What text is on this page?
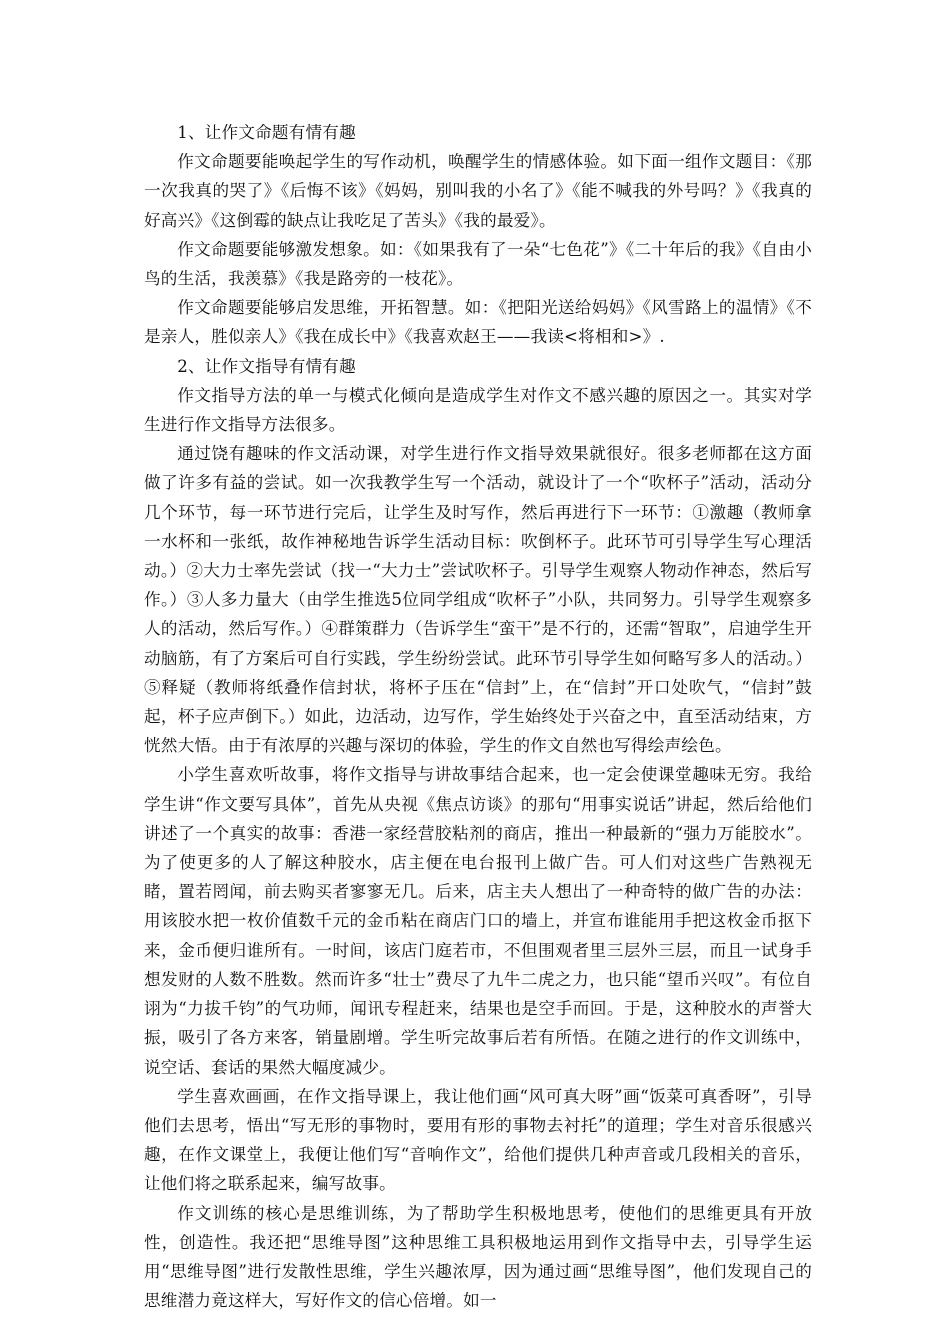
1、让作文命题有情有趣

作文命题要能唤起学生的写作动机，唤醒学生的情感体验。如下面一组作文题目：《那一次我真的哭了》《后悔不该》《妈妈，别叫我的小名了》《能不喊我的外号吗？》《我真的好高兴》《这倒霉的缺点让我吃足了苦头》《我的最爱》。

作文命题要能够激发想象。如：《如果我有了一朵“七色花”》《二十年后的我》《自由小鸟的生活，我羡慕》《我是路旁的一枝花》。

作文命题要能够启发思维，开拓智慧。如：《把阳光送给妈妈》《风雪路上的温情》《不是亲人，胜似亲人》《我在成长中》《我喜欢赵王——我读<将相和>》.

2、让作文指导有情有趣

作文指导方法的单一与模式化倾向是造成学生对作文不感兴趣的原因之一。其实对学生进行作文指导方法很多。

通过饶有趣味的作文活动课，对学生进行作文指导效果就很好。很多老师都在这方面做了许多有益的尝试。如一次我教学生写一个活动，就设计了一个“吹杯子”活动，活动分几个环节，每一环节进行完后，让学生及时写作，然后再进行下一环节：①激趣（教师拿一水杯和一张纸，故作神秘地告诉学生活动目标：吹倒杯子。此环节可引导学生写心理活动。）②大力士率先尝试（找一“大力士”尝试吹杯子。引导学生观察人物动作神态，然后写作。）③人多力量大（由学生推选5位同学组成“吹杯子”小队，共同努力。引导学生观察多人的活动，然后写作。）④群策群力（告诉学生“蛮干”是不行的，还需“智取”，启迪学生开动脑筋，有了方案后可自行实践，学生纷纷尝试。此环节引导学生如何略写多人的活动。）⑤释疑（教师将纸叠作信封状，将杯子压在“信封”上，在“信封”开口处吹气，“信封”鼓起，杯子应声倒下。）如此，边活动，边写作，学生始终处于兴奋之中，直至活动结束，方恍然大悟。由于有浓厚的兴趣与深切的体验，学生的作文自然也写得绘声绘色。

小学生喜欢听故事，将作文指导与讲故事结合起来，也一定会使课堂趣味无穷。我给学生讲“作文要写具体”，首先从央视《焦点访谈》的那句“用事实说话”讲起，然后给他们讲述了一个真实的故事：香港一家经营胶粘剂的商店，推出一种最新的“强力万能胶水”。为了使更多的人了解这种胶水，店主便在电台报刊上做广告。可人们对这些广告熟视无睹，置若罔闻，前去购买者寥寥无几。后来，店主夫人想出了一种奇特的做广告的办法：用该胶水把一枚价值数千元的金币粘在商店门口的墙上，并宣布谁能用手把这枚金币抠下来，金币便归谁所有。一时间，该店门庭若市，不但围观者里三层外三层，而且一试身手想发财的人数不胜数。然而许多“壮士”费尽了九牛二虎之力，也只能“望币兴叹”。有位自诩为“力拔千钧”的气功师，闻讯专程赶来，结果也是空手而回。于是，这种胶水的声誉大振，吸引了各方来客，销量剧增。学生听完故事后若有所悟。在随之进行的作文训练中，说空话、套话的果然大幅度减少。

学生喜欢画画，在作文指导课上，我让他们画“风可真大呀”画“饭菜可真香呀”，引导他们去思考，悟出“写无形的事物时，要用有形的事物去衬托”的道理；学生对音乐很感兴趣，在作文课堂上，我便让他们写“音响作文”，给他们提供几种声音或几段相关的音乐，让他们将之联系起来，编写故事。

作文训练的核心是思维训练，为了帮助学生积极地思考，使他们的思维更具有开放性，创造性。我还把“思维导图”这种思维工具积极地运用到作文指导中去，引导学生运用“思维导图”进行发散性思维，学生兴趣浓厚，因为通过画“思维导图”，他们发现自己的思维潜力竟这样大，写好作文的信心倍增。如一
